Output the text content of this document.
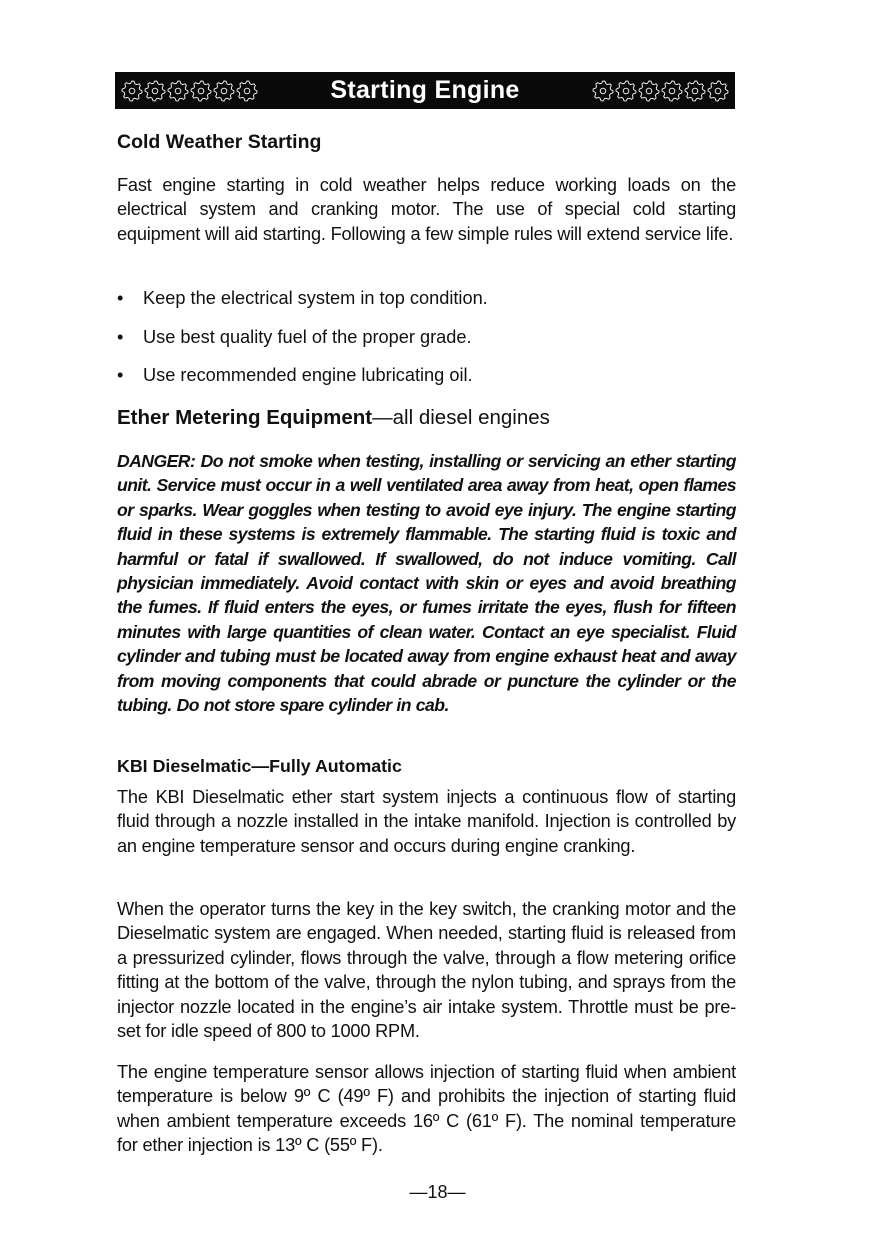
Starting Engine
Cold Weather Starting

Fast engine starting in cold weather helps reduce working loads on the electrical system and cranking motor. The use of special cold starting equipment will aid starting. Following a few simple rules will extend service life.

• Keep the electrical system in top condition.
• Use best quality fuel of the proper grade.
• Use recommended engine lubricating oil.
Ether Metering Equipment—all diesel engines

DANGER: Do not smoke when testing, installing or servicing an ether starting unit. Service must occur in a well ventilated area away from heat, open flames or sparks. Wear goggles when testing to avoid eye injury. The engine starting fluid in these systems is extremely flammable. The starting fluid is toxic and harmful or fatal if swallowed. If swallowed, do not induce vomiting. Call physician immediately. Avoid contact with skin or eyes and avoid breathing the fumes. If fluid enters the eyes, or fumes irritate the eyes, flush for fifteen minutes with large quantities of clean water. Contact an eye specialist. Fluid cylinder and tubing must be located away from engine exhaust heat and away from moving components that could abrade or puncture the cylinder or the tubing. Do not store spare cylinder in cab.

KBI Dieselmatic—Fully Automatic

The KBI Dieselmatic ether start system injects a continuous flow of starting fluid through a nozzle installed in the intake manifold. Injection is controlled by an engine temperature sensor and occurs during engine cranking.

When the operator turns the key in the key switch, the cranking motor and the Dieselmatic system are engaged. When needed, starting fluid is released from a pressurized cylinder, flows through the valve, through a flow metering orifice fitting at the bottom of the valve, through the nylon tubing, and sprays from the injector nozzle located in the engine’s air intake system. Throttle must be pre-set for idle speed of 800 to 1000 RPM.

The engine temperature sensor allows injection of starting fluid when ambient temperature is below 9º C (49º F) and prohibits the injection of starting fluid when ambient temperature exceeds 16º C (61º F). The nominal temperature for ether injection is 13º C (55º F).

—18—
